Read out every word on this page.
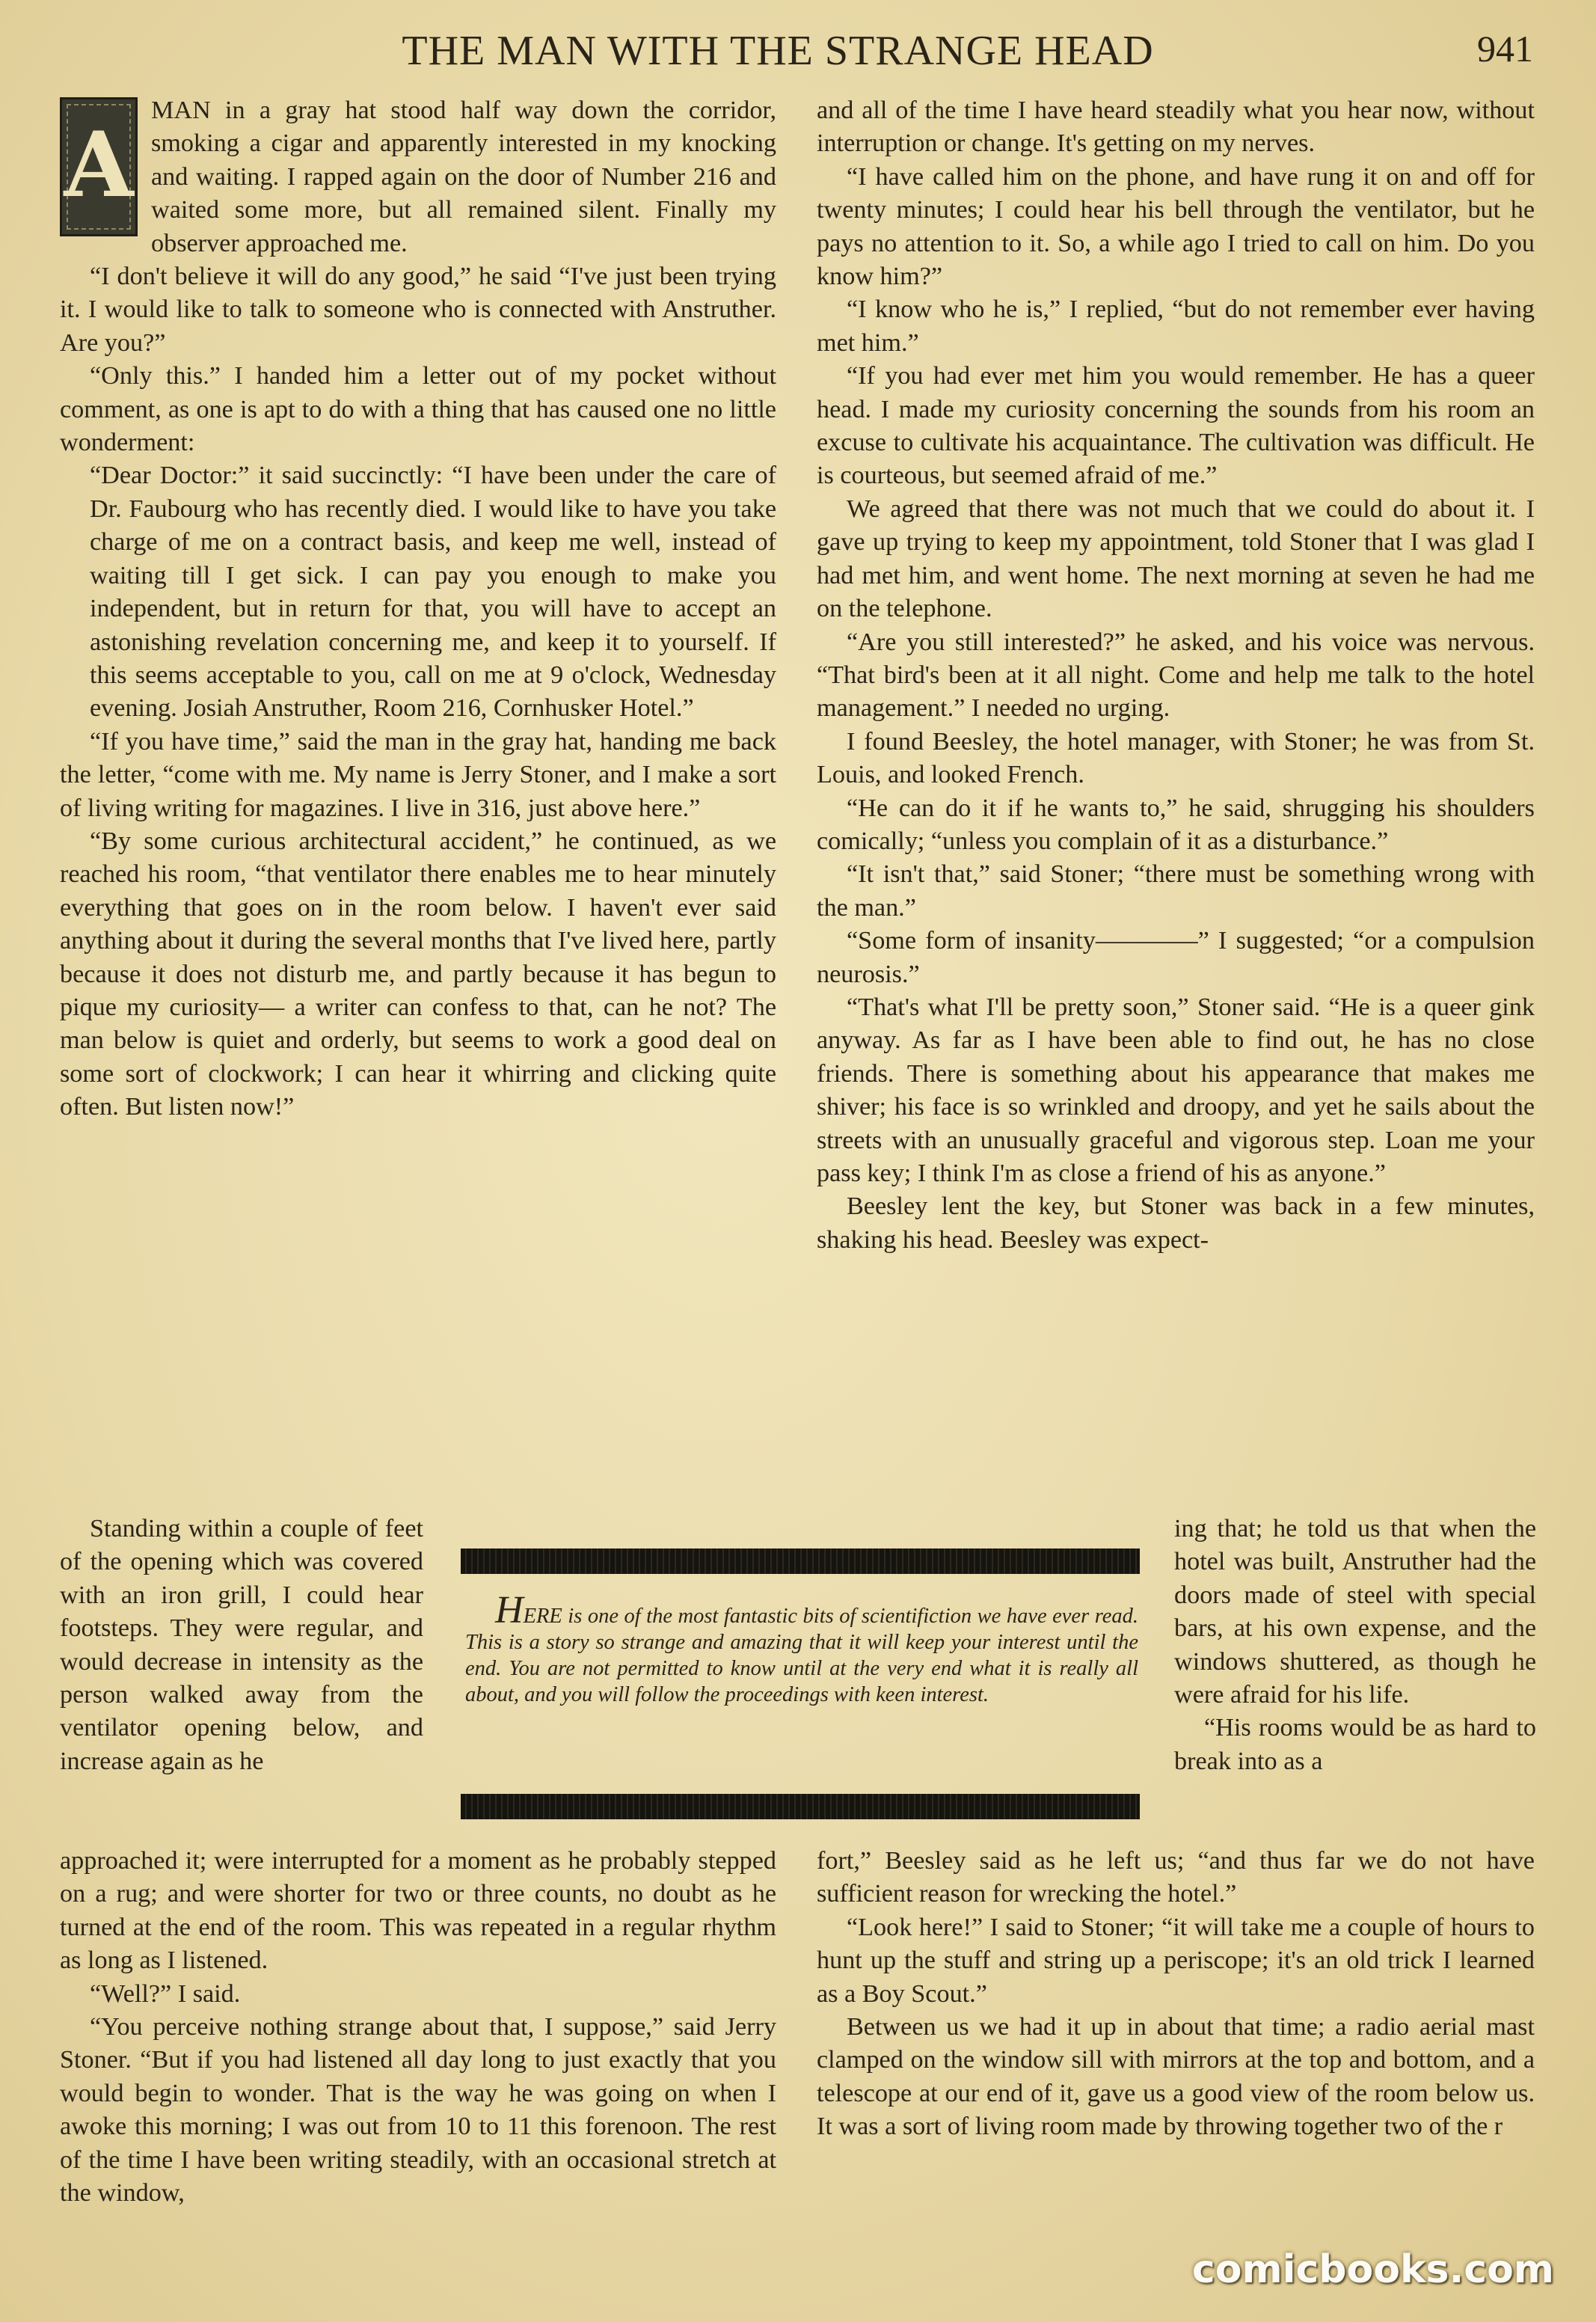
THE MAN WITH THE STRANGE HEAD	941

A
MAN in a gray hat stood half way down the corridor, smoking a cigar and apparently interested in my knocking and waiting. I rapped again on the door of Number 216 and waited some more, but all remained silent. Finally my observer approached me.

“I don't believe it will do any good,” he said “I've just been trying it. I would like to talk to someone who is connected with Anstruther. Are you?”

“Only this.” I handed him a letter out of my pocket without comment, as one is apt to do with a thing that has caused one no little wonderment:

“Dear Doctor:” it said succinctly: “I have been under the care of Dr. Faubourg who has recently died. I would like to have you take charge of me on a contract basis, and keep me well, instead of waiting till I get sick. I can pay you enough to make you independent, but in return for that, you will have to accept an astonishing revelation concerning me, and keep it to yourself. If this seems acceptable to you, call on me at 9 o'clock, Wednesday evening. Josiah Anstruther, Room 216, Cornhusker Hotel.”

“If you have time,” said the man in the gray hat, handing me back the letter, “come with me. My name is Jerry Stoner, and I make a sort of living writing for magazines. I live in 316, just above here.”

“By some curious architectural accident,” he continued, as we reached his room, “that ventilator there enables me to hear minutely everything that goes on in the room below. I haven't ever said anything about it during the several months that I've lived here, partly because it does not disturb me, and partly because it has begun to pique my curiosity— a writer can confess to that, can he not? The man below is quiet and orderly, but seems to work a good deal on some sort of clockwork; I can hear it whirring and clicking quite often. But listen now!”

Standing within a couple of feet of the opening which was covered with an iron grill, I could hear footsteps. They were regular, and would decrease in intensity as the person walked away from the ventilator opening below, and increase again as he

HERE is one of the most fantastic bits of scientifiction we have ever read. This is a story so strange and amazing that it will keep your interest until the end. You are not permitted to know until at the very end what it is really all about, and you will follow the proceedings with keen interest.

approached it; were interrupted for a moment as he probably stepped on a rug; and were shorter for two or three counts, no doubt as he turned at the end of the room. This was repeated in a regular rhythm as long as I listened.

“Well?” I said.

“You perceive nothing strange about that, I suppose,” said Jerry Stoner. “But if you had listened all day long to just exactly that you would begin to wonder. That is the way he was going on when I awoke this morning; I was out from 10 to 11 this forenoon. The rest of the time I have been writing steadily, with an occasional stretch at the window,

and all of the time I have heard steadily what you hear now, without interruption or change. It's getting on my nerves.

“I have called him on the phone, and have rung it on and off for twenty minutes; I could hear his bell through the ventilator, but he pays no attention to it. So, a while ago I tried to call on him. Do you know him?”

“I know who he is,” I replied, “but do not remember ever having met him.”

“If you had ever met him you would remember. He has a queer head. I made my curiosity concerning the sounds from his room an excuse to cultivate his acquaintance. The cultivation was difficult. He is courteous, but seemed afraid of me.”

We agreed that there was not much that we could do about it. I gave up trying to keep my appointment, told Stoner that I was glad I had met him, and went home. The next morning at seven he had me on the telephone.

“Are you still interested?” he asked, and his voice was nervous. “That bird's been at it all night. Come and help me talk to the hotel management.” I needed no urging.

I found Beesley, the hotel manager, with Stoner; he was from St. Louis, and looked French.

“He can do it if he wants to,” he said, shrugging his shoulders comically; “unless you complain of it as a disturbance.”

“It isn't that,” said Stoner; “there must be something wrong with the man.”

“Some form of insanity————” I suggested; “or a compulsion neurosis.”

“That's what I'll be pretty soon,” Stoner said. “He is a queer gink anyway. As far as I have been able to find out, he has no close friends. There is something about his appearance that makes me shiver; his face is so wrinkled and droopy, and yet he sails about the streets with an unusually graceful and vigorous step. Loan me your pass key; I think I'm as close a friend of his as anyone.”

Beesley lent the key, but Stoner was back in a few minutes, shaking his head. Beesley was expect-

ing that; he told us that when the hotel was built, Anstruther had the doors made of steel with special bars, at his own expense, and the windows shuttered, as though he were afraid for his life.

“His rooms would be as hard to break into as a

fort,” Beesley said as he left us; “and thus far we do not have sufficient reason for wrecking the hotel.”

“Look here!” I said to Stoner; “it will take me a couple of hours to hunt up the stuff and string up a periscope; it's an old trick I learned as a Boy Scout.”

Between us we had it up in about that time; a radio aerial mast clamped on the window sill with mirrors at the top and bottom, and a telescope at our end of it, gave us a good view of the room below us. It was a sort of living room made by throwing together two of the r

comicbooks.com
